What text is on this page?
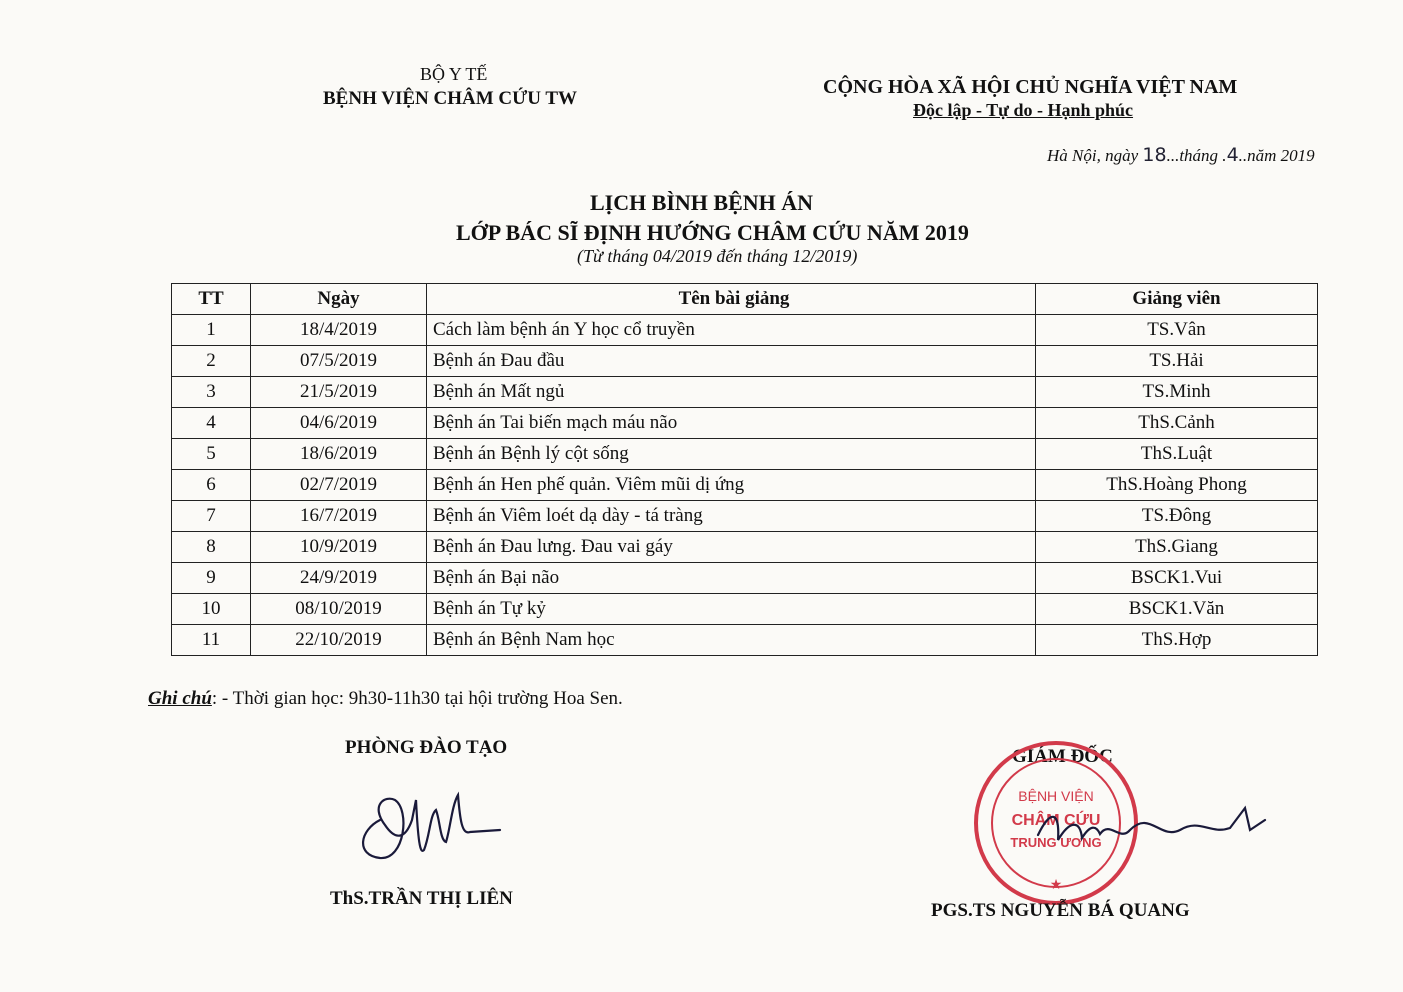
BỘ Y TẾ
BỆNH VIỆN CHÂM CỨU TW
CỘNG HÒA XÃ HỘI CHỦ NGHĨA VIỆT NAM
Độc lập - Tự do - Hạnh phúc
Hà Nội, ngày 18...tháng .4..năm 2019
LỊCH BÌNH BỆNH ÁN
LỚP BÁC SĨ ĐỊNH HƯỚNG CHÂM CỨU NĂM 2019
(Từ tháng 04/2019 đến tháng 12/2019)
TT	Ngày	Tên bài giảng	Giảng viên
1	18/4/2019	Cách làm bệnh án Y học cổ truyền	TS.Vân
2	07/5/2019	Bệnh án Đau đầu	TS.Hải
3	21/5/2019	Bệnh án Mất ngủ	TS.Minh
4	04/6/2019	Bệnh án Tai biến mạch máu não	ThS.Cảnh
5	18/6/2019	Bệnh án Bệnh lý cột sống	ThS.Luật
6	02/7/2019	Bệnh án Hen phế quản. Viêm mũi dị ứng	ThS.Hoàng Phong
7	16/7/2019	Bệnh án Viêm loét dạ dày - tá tràng	TS.Đông
8	10/9/2019	Bệnh án Đau lưng. Đau vai gáy	ThS.Giang
9	24/9/2019	Bệnh án Bại não	BSCK1.Vui
10	08/10/2019	Bệnh án Tự kỷ	BSCK1.Văn
11	22/10/2019	Bệnh án Bệnh Nam học	ThS.Hợp
Ghi chú: - Thời gian học: 9h30-11h30 tại hội trường Hoa Sen.
PHÒNG ĐÀO TẠO	GIÁM ĐỐC
BỆNH VIỆN
CHÂM CỨU
TRUNG ƯƠNG
★
ThS.TRẦN THỊ LIÊN
PGS.TS NGUYỄN BÁ QUANG
